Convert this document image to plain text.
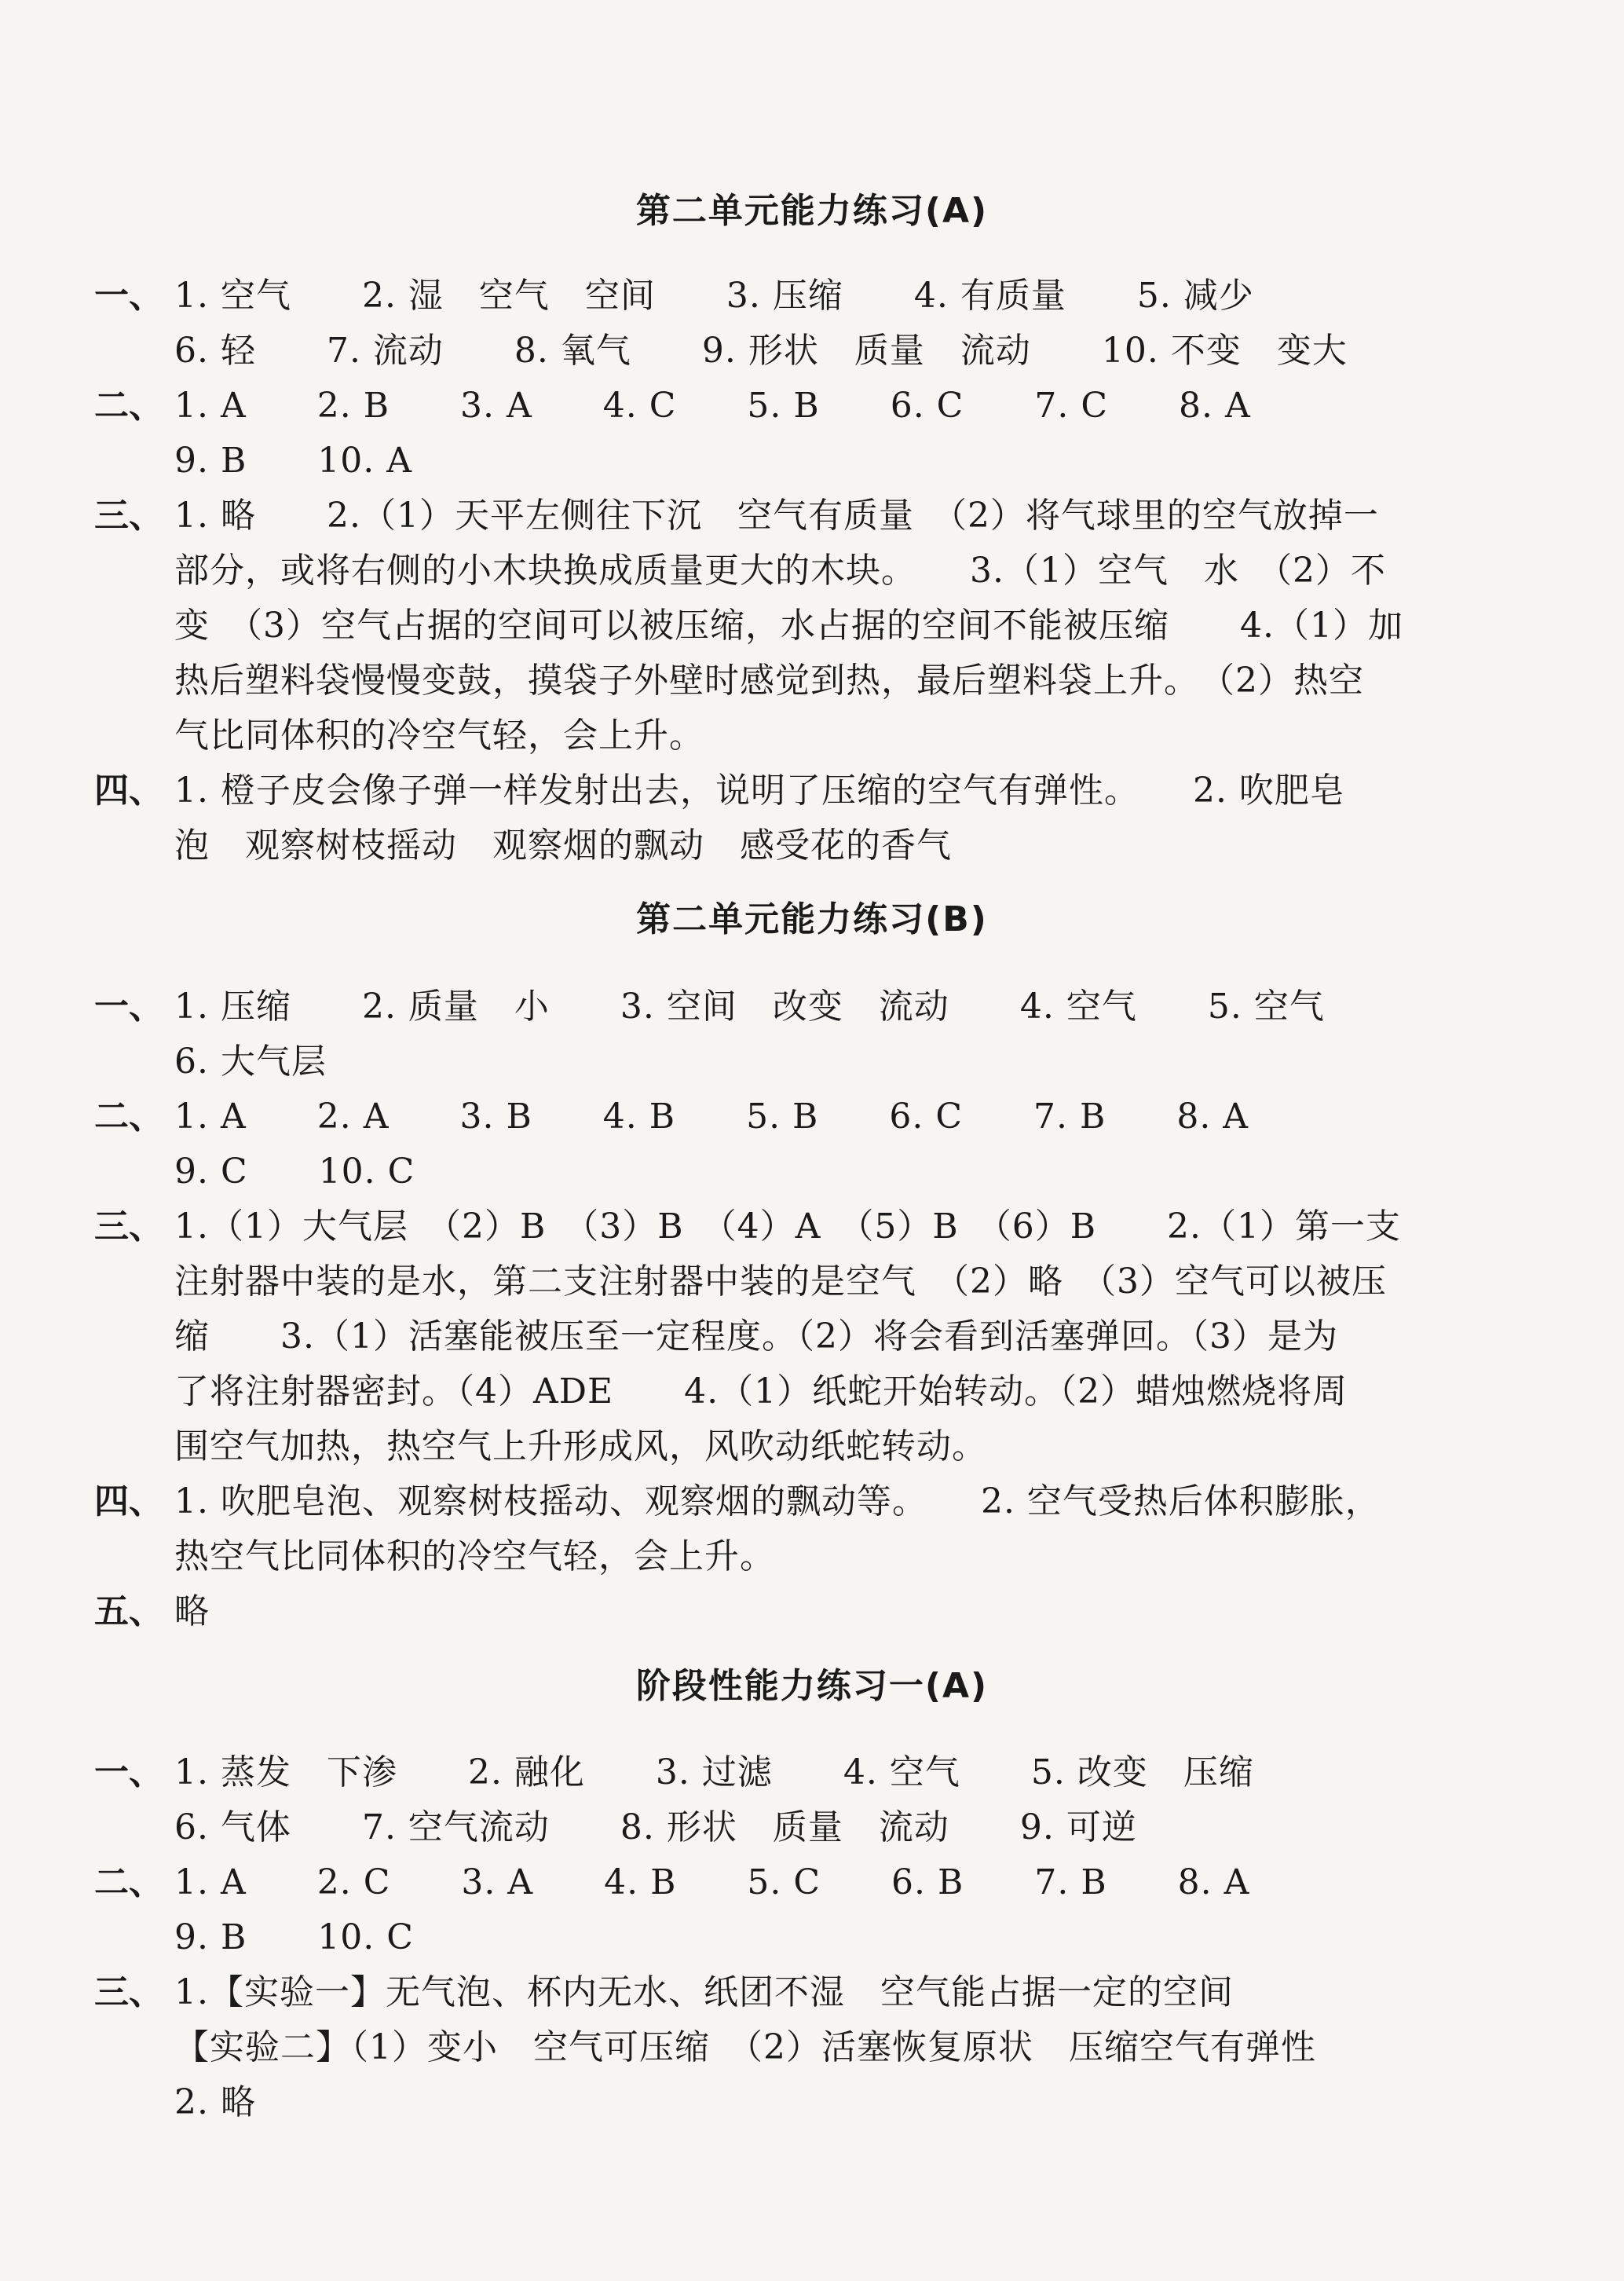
第二单元能力练习(A)
一、 1. 空气　　2. 湿　空气　空间　　3. 压缩　　4. 有质量　　5. 减少
6. 轻　　7. 流动　　8. 氧气　　9. 形状　质量　流动　　10. 不变　变大
二、 1. A　　2. B　　3. A　　4. C　　5. B　　6. C　　7. C　　8. A
9. B　　10. A
三、 1. 略　　2.（1）天平左侧往下沉　空气有质量　（2）将气球里的空气放掉一
部分，或将右侧的小木块换成质量更大的木块。　　3.（1）空气　水　（2）不
变　（3）空气占据的空间可以被压缩，水占据的空间不能被压缩　　4.（1）加
热后塑料袋慢慢变鼓，摸袋子外壁时感觉到热，最后塑料袋上升。　（2）热空
气比同体积的冷空气轻，会上升。
四、 1. 橙子皮会像子弹一样发射出去，说明了压缩的空气有弹性。　　2. 吹肥皂
泡　观察树枝摇动　观察烟的飘动　感受花的香气
第二单元能力练习(B)
一、 1. 压缩　　2. 质量　小　　3. 空间　改变　流动　　4. 空气　　5. 空气
6. 大气层
二、 1. A　　2. A　　3. B　　4. B　　5. B　　6. C　　7. B　　8. A
9. C　　10. C
三、 1.（1）大气层　（2）B　（3）B　（4）A　（5）B　（6）B　　2.（1）第一支
注射器中装的是水，第二支注射器中装的是空气　（2）略　（3）空气可以被压
缩　　3.（1）活塞能被压至一定程度。（2）将会看到活塞弹回。（3）是为
了将注射器密封。（4）ADE　　4.（1）纸蛇开始转动。（2）蜡烛燃烧将周
围空气加热，热空气上升形成风，风吹动纸蛇转动。
四、 1. 吹肥皂泡、观察树枝摇动、观察烟的飘动等。　　2. 空气受热后体积膨胀，
热空气比同体积的冷空气轻，会上升。
五、 略
阶段性能力练习一(A)
一、 1. 蒸发　下渗　　2. 融化　　3. 过滤　　4. 空气　　5. 改变　压缩
6. 气体　　7. 空气流动　　8. 形状　质量　流动　　9. 可逆
二、 1. A　　2. C　　3. A　　4. B　　5. C　　6. B　　7. B　　8. A
9. B　　10. C
三、 1.【实验一】无气泡、杯内无水、纸团不湿　空气能占据一定的空间
【实验二】（1）变小　空气可压缩　（2）活塞恢复原状　压缩空气有弹性
2. 略
